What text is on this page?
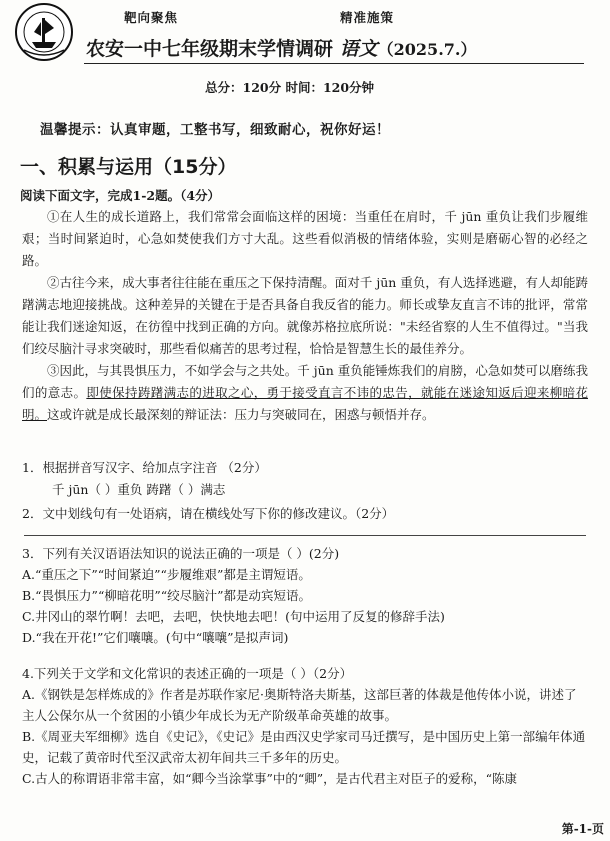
靶向聚焦	精准施策
农安一中七年级期末学情调研 语文（2025.7.）
总分：120分 时间：120分钟
温馨提示：认真审题，工整书写，细致耐心，祝你好运！
一、积累与运用（15分）
阅读下面文字，完成1-2题。（4分）
①在人生的成长道路上，我们常常会面临这样的困境：当重任在肩时，千 jūn 重负让我们步履维艰；当时间紧迫时，心急如焚使我们方寸大乱。这些看似消极的情绪体验，实则是磨砺心智的必经之路。
②古往今来，成大事者往往能在重压之下保持清醒。面对千 jūn 重负，有人选择逃避，有人却能踌躇满志地迎接挑战。这种差异的关键在于是否具备自我反省的能力。师长或挚友直言不讳的批评，常常能让我们迷途知返，在彷徨中找到正确的方向。就像苏格拉底所说："未经省察的人生不值得过。"当我们绞尽脑汁寻求突破时，那些看似痛苦的思考过程，恰恰是智慧生长的最佳养分。
③因此，与其畏惧压力，不如学会与之共处。千 jūn 重负能锤炼我们的肩膀，心急如焚可以磨练我们的意志。即使保持踌躇满志的进取之心，勇于接受直言不讳的忠告，就能在迷途知返后迎来柳暗花明。这或许就是成长最深刻的辩证法：压力与突破同在，困惑与顿悟并存。
1．根据拼音写汉字、给加点字注音 （2分）
千 jūn（ ）重负 踌躇（ ）满志
2．文中划线句有一处语病，请在横线处写下你的修改建议。（2分）
3．下列有关汉语语法知识的说法正确的一项是（ ）(2分)
A.“重压之下”“时间紧迫”“步履维艰”都是主谓短语。
B.“畏惧压力”“柳暗花明”“绞尽脑汁”都是动宾短语。
C.井冈山的翠竹啊！去吧，去吧，快快地去吧！(句中运用了反复的修辞手法)
D.“我在开花!”它们嚷嚷。(句中“嚷嚷”是拟声词)
4.下列关于文学和文化常识的表述正确的一项是（ ）（2分）
A.《钢铁是怎样炼成的》作者是苏联作家尼·奥斯特洛夫斯基，这部巨著的体裁是他传体小说，讲述了主人公保尔从一个贫困的小镇少年成长为无产阶级革命英雄的故事。
B.《周亚夫军细柳》选自《史记》，《史记》是由西汉史学家司马迁撰写，是中国历史上第一部编年体通史，记载了黄帝时代至汉武帝太初年间共三千多年的历史。
C.古人的称谓语非常丰富，如“卿今当涂掌事”中的“卿”，是古代君主对臣子的爱称，“陈康
第-1-页
